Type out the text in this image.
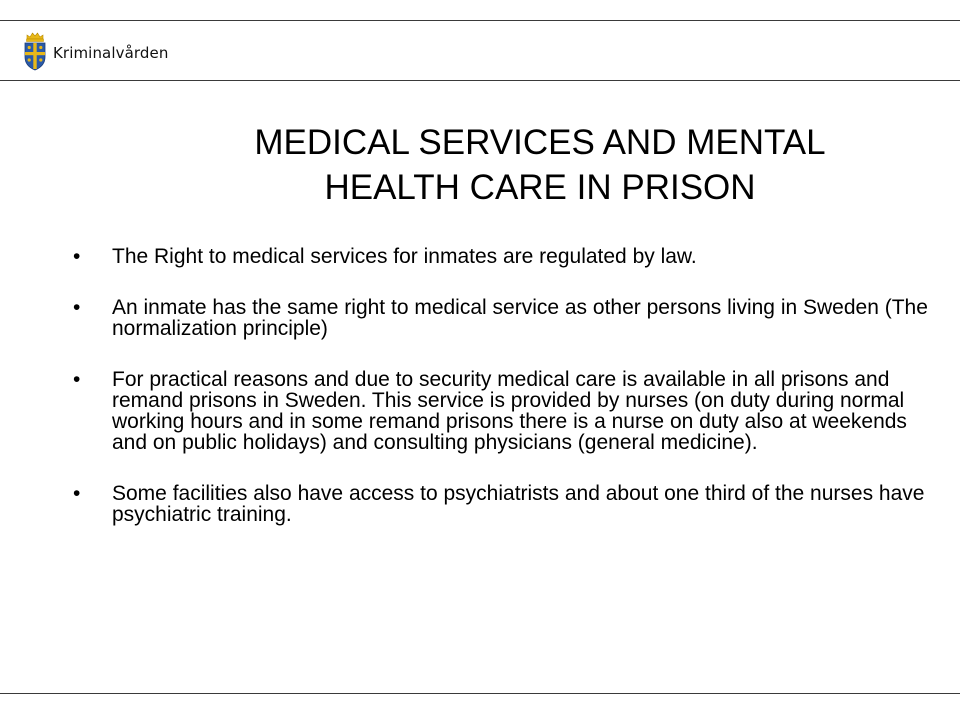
Kriminalvården
MEDICAL SERVICES AND MENTAL
HEALTH CARE IN PRISON
•	The Right to medical services for inmates are regulated by law.
•	An inmate has the same right to medical service as other persons living in Sweden (The normalization principle)
•	For practical reasons and due to security medical care is available in all prisons and remand prisons in Sweden. This service is provided by nurses (on duty during normal working hours and in some remand prisons there is a nurse on duty also at weekends and on public holidays) and consulting physicians (general medicine).
•	Some facilities also have access to psychiatrists and about one third of the nurses have psychiatric training.
